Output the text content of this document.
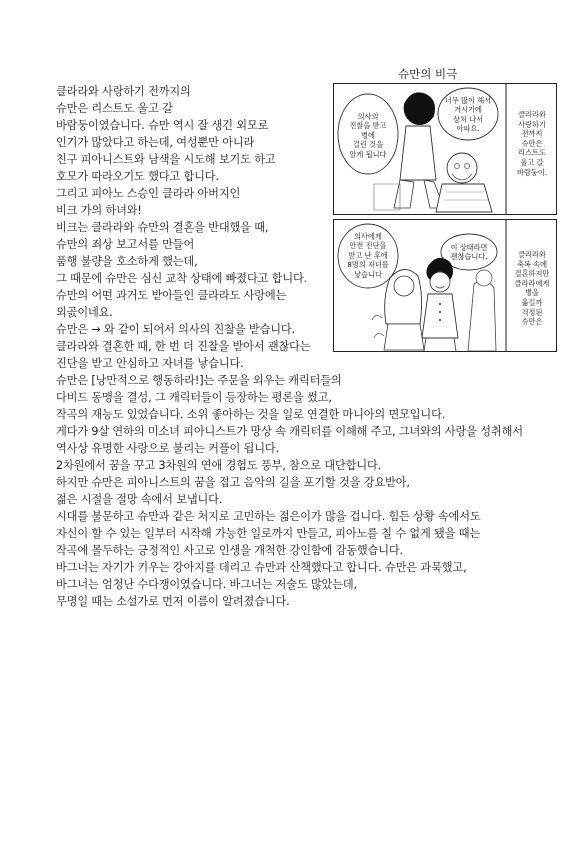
슈만의 비극
의사의
진찰을 받고
병에
걸린 것을
알게 됩니다
너무 많이 해서
거시기에
상처 나서
아파요.
클라라와
사랑하기
전까지
슈만은
리스트도
울고 갈
바람둥이.
의사에게
안전 진단을
받고 난 후에
8명의 자녀를
낳습니다
이 상태라면
괜찮습니다.	클라라와
축복 속에
결혼하지만
클라라에게
병을
옮길까
걱정된
슈만은
클라라와 사랑하기 전까지의
슈만은 리스트도 울고 갈
바람둥이였습니다. 슈만 역시 잘 생긴 외모로
인기가 많았다고 하는데, 여성뿐만 아니라
친구 피아니스트와 남색을 시도해 보기도 하고
호모가 따라오기도 했다고 합니다.
그리고 피아노 스승인 클라라 아버지인
비크 가의 하녀와!
비크는 클라라와 슈만의 결혼을 반대했을 때,
슈만의 죄상 보고서를 만들어
품행 불량을 호소하게 했는데,
그 때문에 슈만은 심신 교착 상태에 빠졌다고 합니다.
슈만의 어떤 과거도 받아들인 클라라도 사랑에는
외곬이네요.
슈만은 → 와 같이 되어서 의사의 진찰을 받습니다.
클라라와 결혼한 때, 한 번 더 진찰을 받아서 괜찮다는
진단을 받고 안심하고 자녀를 낳습니다.
슈만은 [낭만적으로 행동하라!]는 주문을 외우는 캐릭터들의
다비드 동맹을 결성, 그 캐릭터들이 등장하는 평론을 썼고,
작곡의 재능도 있었습니다. 소위 좋아하는 것을 일로 연결한 마니아의 면모입니다.
게다가 9살 연하의 미소녀 피아니스트가 망상 속 캐릭터를 이해해 주고, 그녀와의 사랑을 성취해서
역사상 유명한 사랑으로 불리는 커플이 됩니다.
2차원에서 꿈을 꾸고 3차원의 연애 경험도 풍부, 참으로 대단합니다.
하지만 슈만은 피아니스트의 꿈을 접고 음악의 길을 포기할 것을 강요받아,
젊은 시절을 절망 속에서 보냅니다.
시대를 불문하고 슈만과 같은 처지로 고민하는 젊은이가 많을 겁니다. 힘든 상황 속에서도
자신이 할 수 있는 일부터 시작해 가능한 일로까지 만들고, 피아노를 칠 수 없게 됐을 때는
작곡에 몰두하는 긍정적인 사고로 인생을 개척한 강인함에 감동했습니다.
바그너는 자기가 키우는 강아지를 데리고 슈만과 산책했다고 합니다. 슈만은 과묵했고,
바그너는 엄청난 수다쟁이였습니다. 바그너는 저술도 많았는데,
무명일 때는 소설가로 먼저 이름이 알려졌습니다.
